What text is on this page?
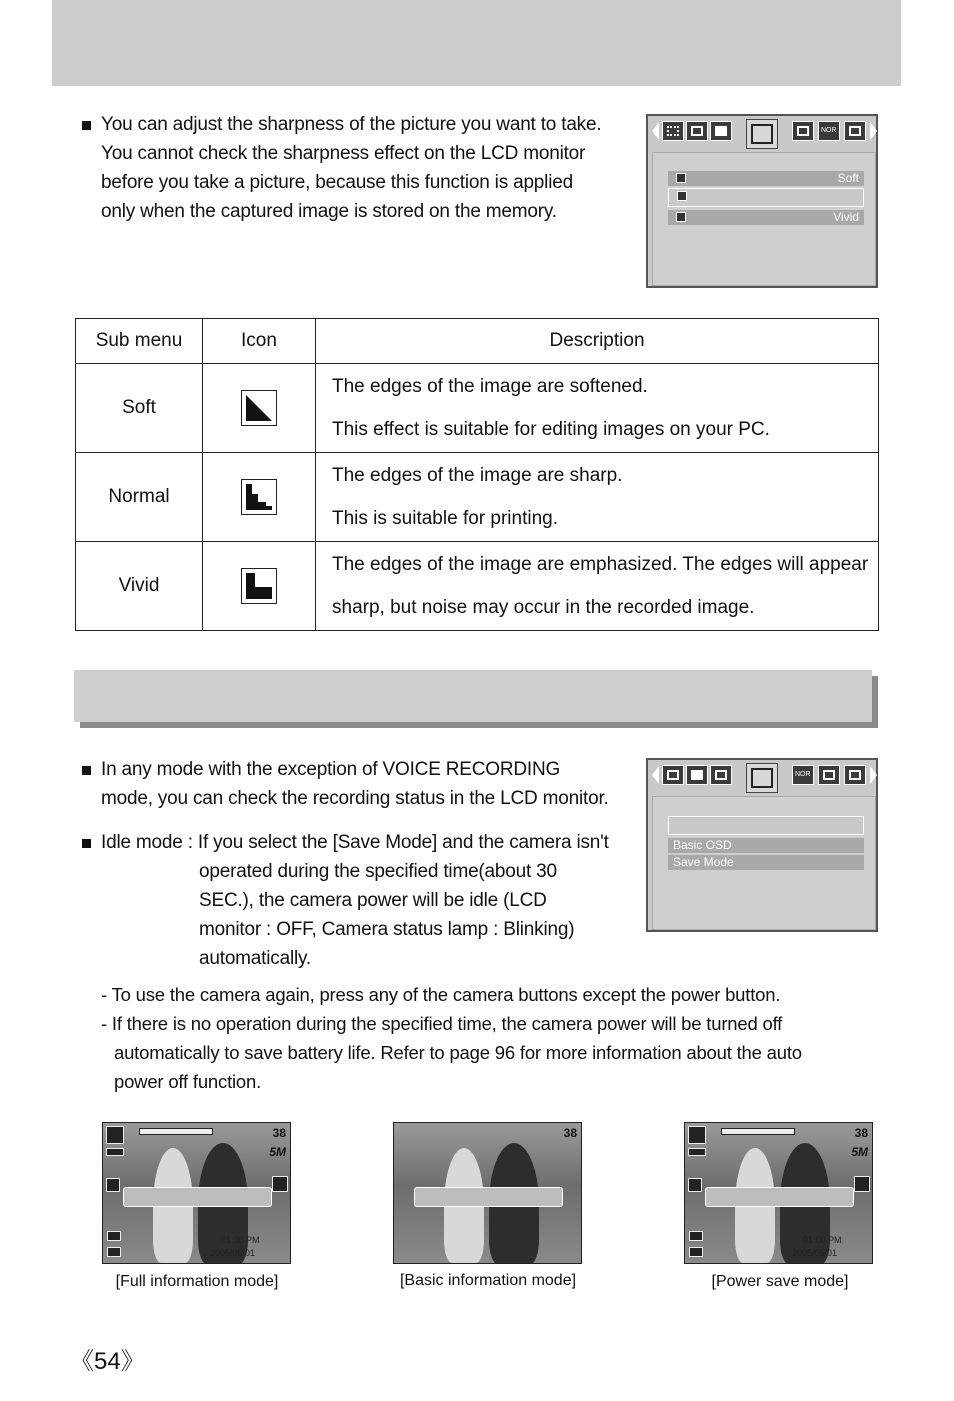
You can adjust the sharpness of the picture you want to take.
You cannot check the sharpness effect on the LCD monitor
before you take a picture, because this function is applied
only when the captured image is stored on the memory.
NOR
Soft
Vivid
Sub menu	Icon	Description
Soft		The edges of the image are softened.
This effect is suitable for editing images on your PC.

Normal		The edges of the image are sharp.
This is suitable for printing.

Vivid		The edges of the image are emphasized. The edges will appear
sharp, but noise may occur in the recorded image.
In any mode with the exception of VOICE RECORDING
mode, you can check the recording status in the LCD monitor.
Idle mode : If you select the [Save Mode] and the camera isn't
operated during the specified time(about 30
SEC.), the camera power will be idle (LCD
monitor : OFF, Camera status lamp : Blinking)
automatically.
- To use the camera again, press any of the camera buttons except the power button.
- If there is no operation during the specified time, the camera power will be turned off
automatically to save battery life. Refer to page 96 for more information about the auto
power off function.
NOR
Basic OSD
Save Mode
38
5M
01:00 PM
2005/05/01
[Full information mode]
38
[Basic information mode]
38
5M
01:00 PM
2005/05/01
[Power save mode]
《54》
